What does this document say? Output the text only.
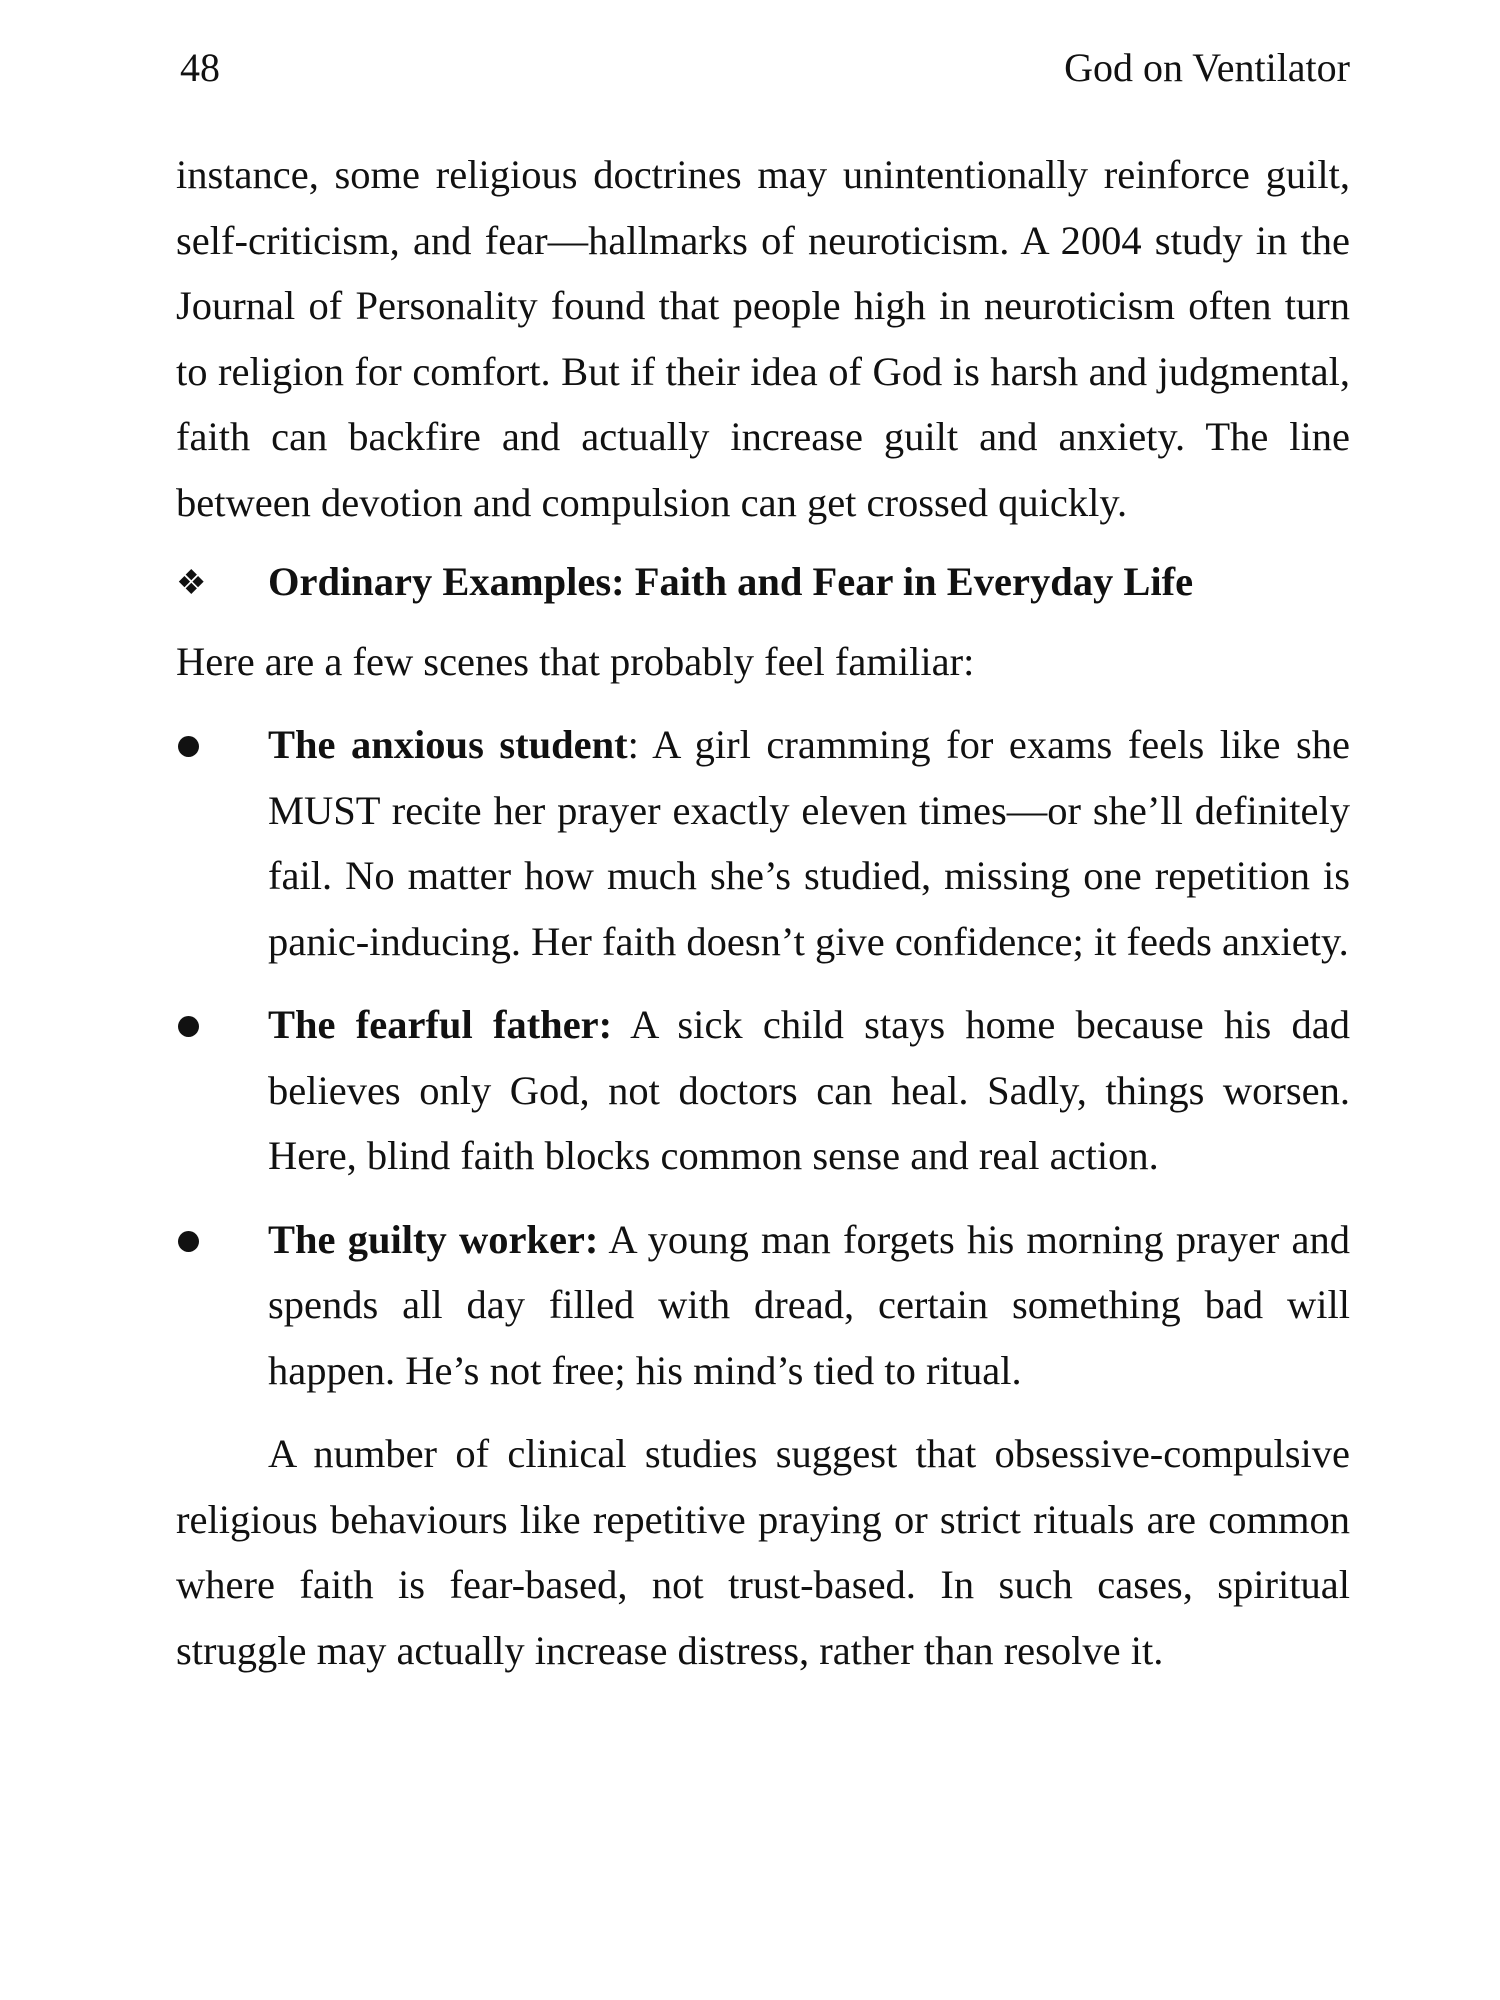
48	God on Ventilator

instance, some religious doctrines may unintentionally reinforce guilt, self-criticism, and fear—hallmarks of neuroticism. A 2004 study in the Journal of Personality found that people high in neuroticism often turn to religion for comfort. But if their idea of God is harsh and judgmental, faith can backfire and actually increase guilt and anxiety. The line between devotion and compulsion can get crossed quickly.

❖ Ordinary Examples: Faith and Fear in Everyday Life

Here are a few scenes that probably feel familiar:

The anxious student: A girl cramming for exams feels like she MUST recite her prayer exactly eleven times—or she’ll definitely fail. No matter how much she’s studied, missing one repetition is panic-inducing. Her faith doesn’t give confidence; it feeds anxiety.
The fearful father: A sick child stays home because his dad believes only God, not doctors can heal. Sadly, things worsen. Here, blind faith blocks common sense and real action.
The guilty worker: A young man forgets his morning prayer and spends all day filled with dread, certain something bad will happen. He’s not free; his mind’s tied to ritual.

A number of clinical studies suggest that obsessive-compulsive religious behaviours like repetitive praying or strict rituals are common where faith is fear-based, not trust-based. In such cases, spiritual struggle may actually increase distress, rather than resolve it.
